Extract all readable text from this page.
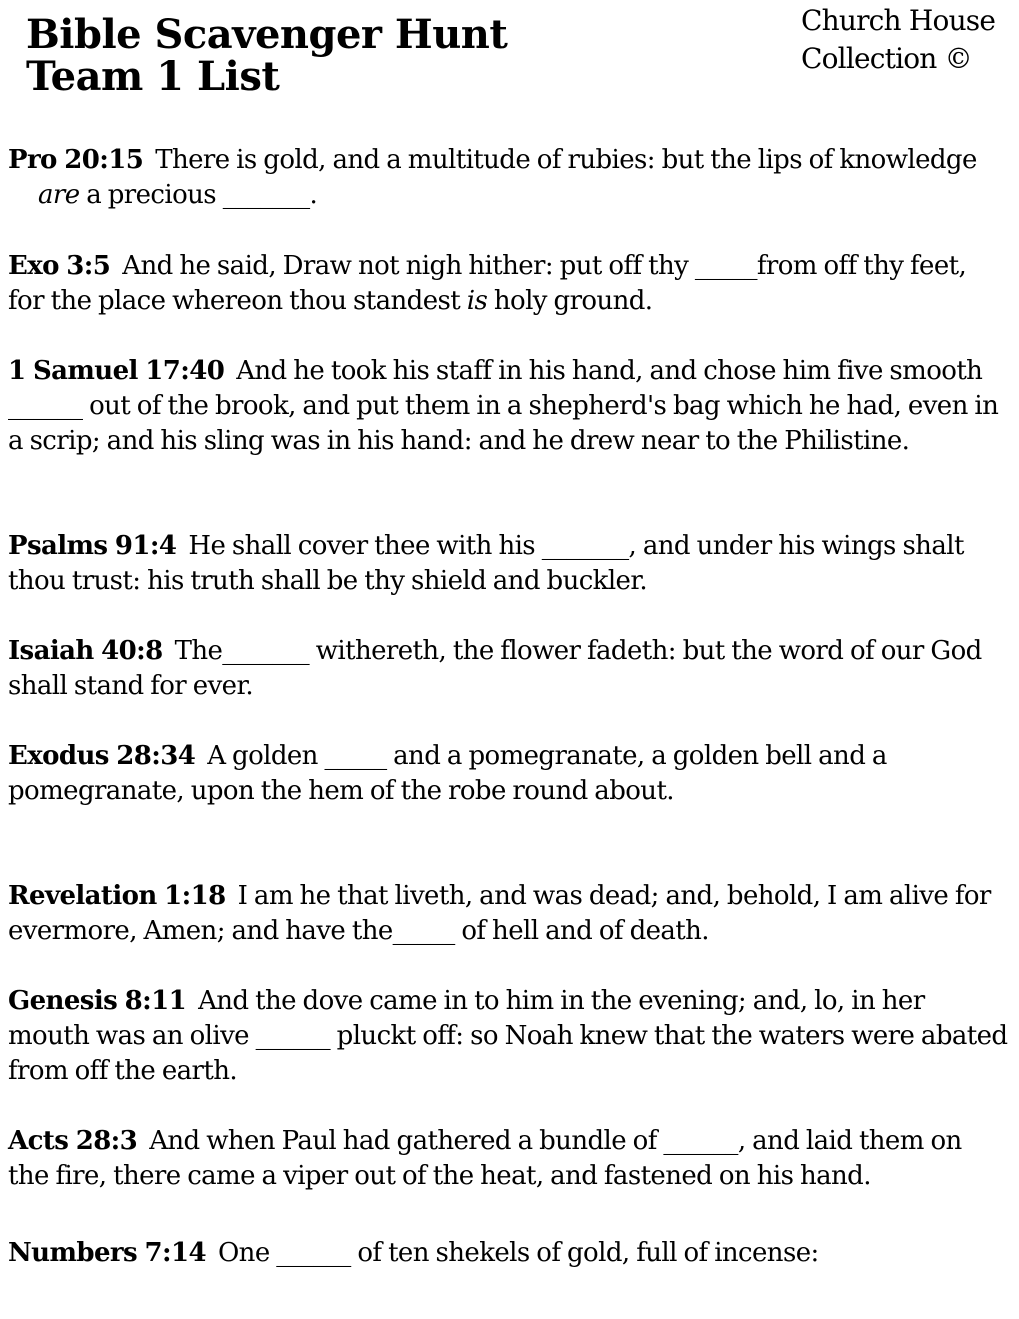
Bible Scavenger Hunt
Team 1 List
Church House
Collection ©

Pro 20:15 There is gold, and a multitude of rubies: but the lips of knowledge are a precious _______.

Exo 3:5 And he said, Draw not nigh hither: put off thy _____from off thy feet, for the place whereon thou standest is holy ground.

1 Samuel 17:40 And he took his staff in his hand, and chose him five smooth ______ out of the brook, and put them in a shepherd's bag which he had, even in a scrip; and his sling was in his hand: and he drew near to the Philistine.

Psalms 91:4 He shall cover thee with his _______, and under his wings shalt thou trust: his truth shall be thy shield and buckler.

Isaiah 40:8 The_______ withereth, the flower fadeth: but the word of our God shall stand for ever.

Exodus 28:34 A golden _____ and a pomegranate, a golden bell and a pomegranate, upon the hem of the robe round about.

Revelation 1:18 I am he that liveth, and was dead; and, behold, I am alive for evermore, Amen; and have the_____ of hell and of death.

Genesis 8:11 And the dove came in to him in the evening; and, lo, in her mouth was an olive ______ pluckt off: so Noah knew that the waters were abated from off the earth.

Acts 28:3 And when Paul had gathered a bundle of ______, and laid them on the fire, there came a viper out of the heat, and fastened on his hand.

Numbers 7:14 One ______ of ten shekels of gold, full of incense:
